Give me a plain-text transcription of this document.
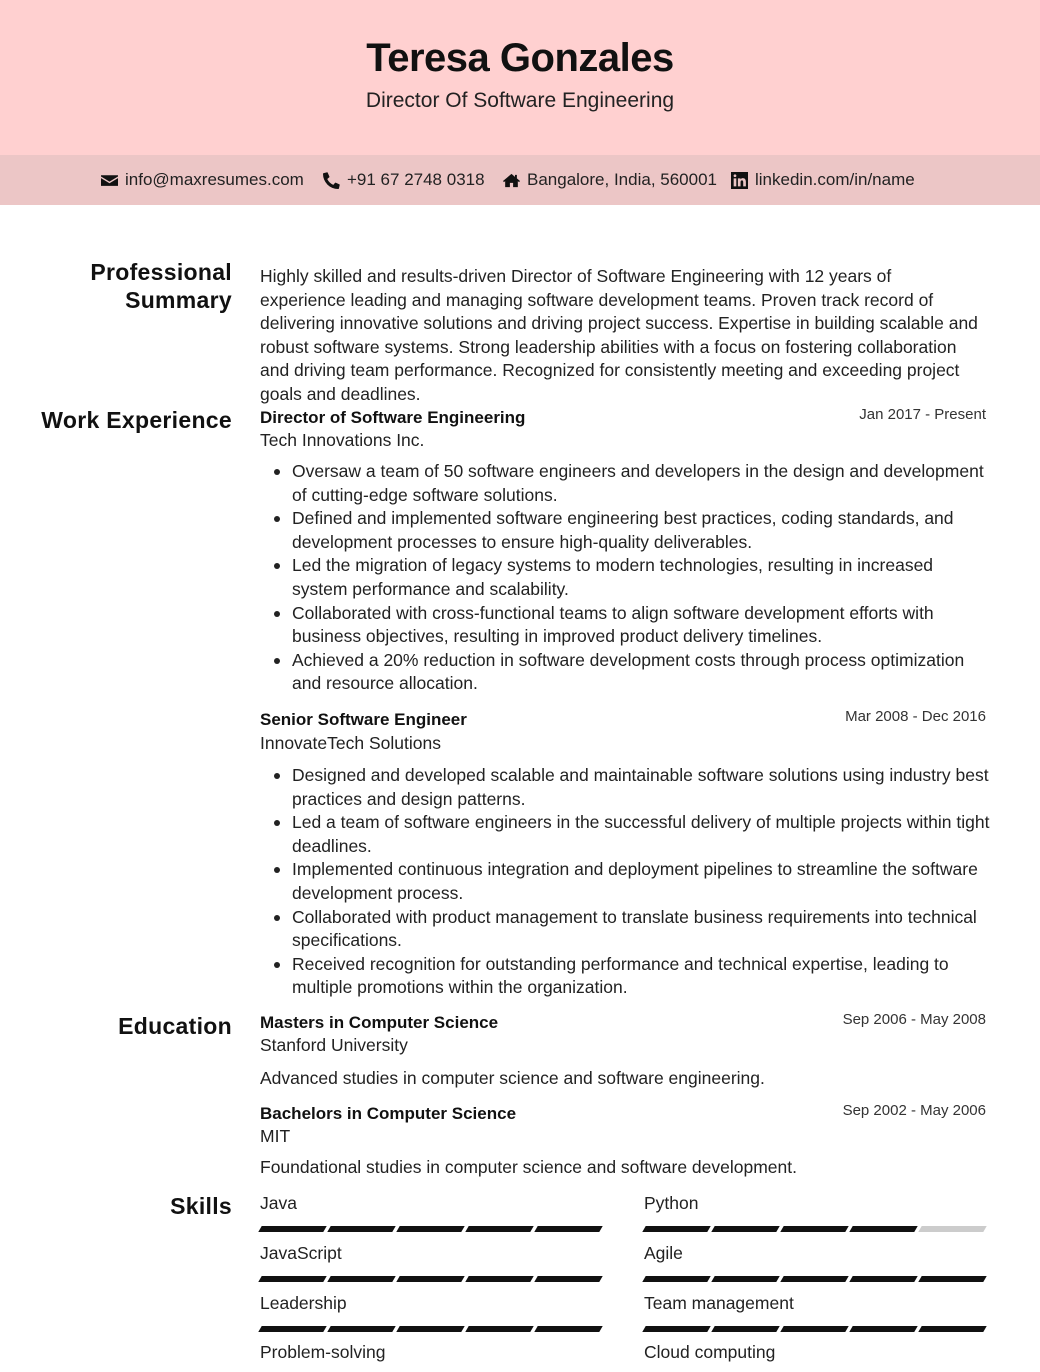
Teresa Gonzales
Director Of Software Engineering
info@maxresumes.com	+91 67 2748 0318 Bangalore, India, 560001 linkedin.com/in/name
Professional Summary
Highly skilled and results-driven Director of Software Engineering with 12 years of experience leading and managing software development teams. Proven track record of delivering innovative solutions and driving project success. Expertise in building scalable and robust software systems. Strong leadership abilities with a focus on fostering collaboration and driving team performance. Recognized for consistently meeting and exceeding project goals and deadlines.
Work Experience Director of Software Engineering	Jan 2017 - Present
Tech Innovations Inc.
Oversaw a team of 50 software engineers and developers in the design and development of cutting-edge software solutions.
Defined and implemented software engineering best practices, coding standards, and development processes to ensure high-quality deliverables.
Led the migration of legacy systems to modern technologies, resulting in increased system performance and scalability.
Collaborated with cross-functional teams to align software development efforts with business objectives, resulting in improved product delivery timelines.
Achieved a 20% reduction in software development costs through process optimization and resource allocation.
Senior Software Engineer	Mar 2008 - Dec 2016
InnovateTech Solutions
Designed and developed scalable and maintainable software solutions using industry best practices and design patterns.
Led a team of software engineers in the successful delivery of multiple projects within tight deadlines.
Implemented continuous integration and deployment pipelines to streamline the software development process.
Collaborated with product management to translate business requirements into technical specifications.
Received recognition for outstanding performance and technical expertise, leading to multiple promotions within the organization.
Education Masters in Computer Science	Sep 2006 - May 2008
Stanford University
Advanced studies in computer science and software engineering.
Bachelors in Computer Science	Sep 2002 - May 2006
MIT
Foundational studies in computer science and software development.
Skills Java	Python
JavaScript	Agile
Leadership	Team management
Problem-solving	Cloud computing
